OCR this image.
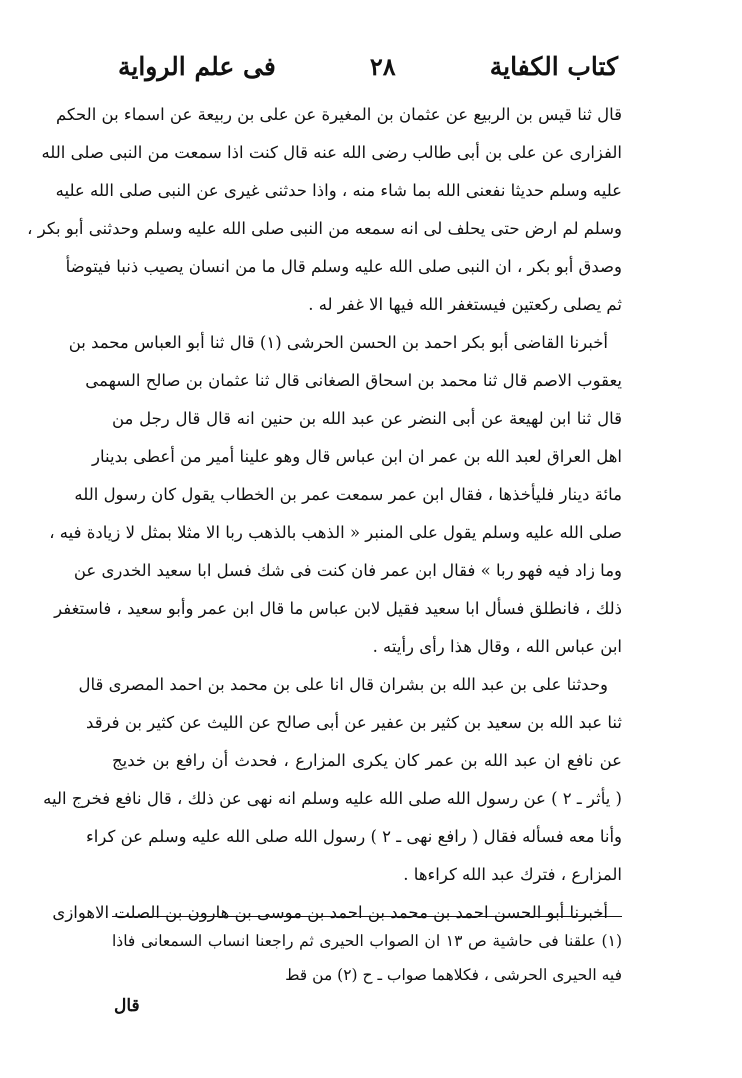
كتاب الكفاية
٢٨
فى علم الرواية
قال ثنا قيس بن الربيع عن عثمان بن المغيرة عن على بن ربيعة عن اسماء بن الحكم
الفزارى عن على بن أبى طالب رضى الله عنه قال كنت اذا سمعت من النبى صلى الله
عليه وسلم حديثا نفعنى الله بما شاء منه ، واذا حدثنى غيرى عن النبى صلى الله عليه
وسلم لم ارض حتى يحلف لى انه سمعه من النبى صلى الله عليه وسلم وحدثنى أبو بكر ،
وصدق أبو بكر ، ان النبى صلى الله عليه وسلم قال ما من انسان يصيب ذنبا فيتوضأ
ثم يصلى ركعتين فيستغفر الله فيها الا غفر له .
أخبرنا القاضى أبو بكر احمد بن الحسن الحرشى (١) قال ثنا أبو العباس محمد بن
يعقوب الاصم قال ثنا محمد بن اسحاق الصغانى قال ثنا عثمان بن صالح السهمى
قال ثنا ابن لهيعة عن أبى النضر عن عبد الله بن حنين انه قال قال رجل من
اهل العراق لعبد الله بن عمر ان ابن عباس قال وهو علينا أمير من أعطى بدينار
مائة دينار فليأخذها ، فقال ابن عمر سمعت عمر بن الخطاب يقول كان رسول الله
صلى الله عليه وسلم يقول على المنبر « الذهب بالذهب ربا الا مثلا بمثل لا زيادة فيه ،
وما زاد فيه فهو ربا » فقال ابن عمر فان كنت فى شك فسل ابا سعيد الخدرى عن
ذلك ، فانطلق فسأل ابا سعيد فقيل لابن عباس ما قال ابن عمر وأبو سعيد ، فاستغفر
ابن عباس الله ، وقال هذا رأى رأيته .
وحدثنا على بن عبد الله بن بشران قال انا على بن محمد بن احمد المصرى قال
ثنا عبد الله بن سعيد بن كثير بن عفير عن أبى صالح عن الليث عن كثير بن فرقد
عن نافع ان عبد الله بن عمر كان يكرى المزارع ، فحدث أن رافع بن خديج
( يأثر ـ ٢ ) عن رسول الله صلى الله عليه وسلم انه نهى عن ذلك ، قال نافع فخرج اليه
وأنا معه فسأله فقال ( رافع نهى ـ ٢ ) رسول الله صلى الله عليه وسلم عن كراء
المزارع ، فترك عبد الله كراءها .
أخبرنا أبو الحسن احمد بن محمد بن احمد بن موسى بن هارون بن الصلت الاهوازى
(١) علقنا فى حاشية ص ١٣ ان الصواب الحيرى ثم راجعنا انساب السمعانى فاذا
فيه الحيرى الحرشى ، فكلاهما صواب ـ ح (٢) من قط
قال
